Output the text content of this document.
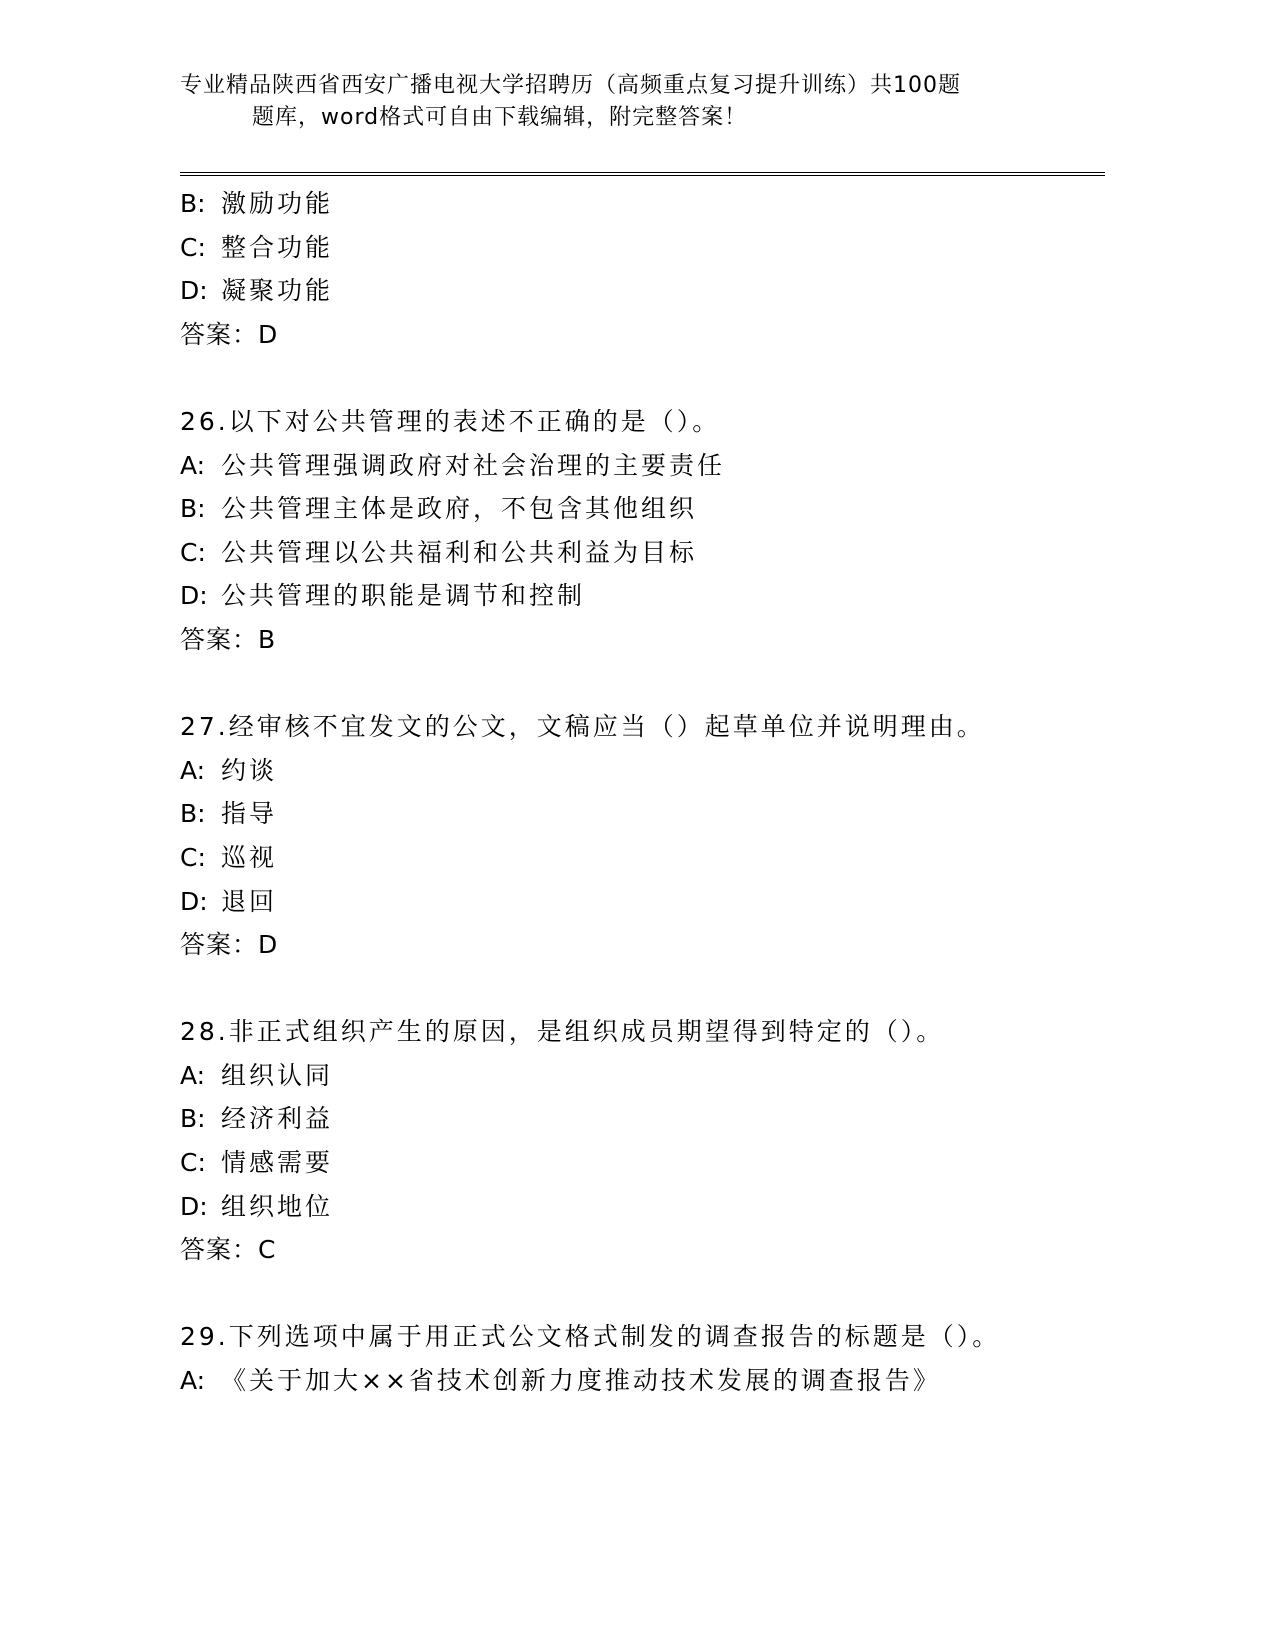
专业精品陕西省西安广播电视大学招聘历（高频重点复习提升训练）共100题
题库，word格式可自由下载编辑，附完整答案！
B: 激励功能
C: 整合功能
D: 凝聚功能
答案：D
26.以下对公共管理的表述不正确的是（）。
A: 公共管理强调政府对社会治理的主要责任
B: 公共管理主体是政府，不包含其他组织
C: 公共管理以公共福利和公共利益为目标
D: 公共管理的职能是调节和控制
答案：B
27.经审核不宜发文的公文，文稿应当（）起草单位并说明理由。
A: 约谈
B: 指导
C: 巡视
D: 退回
答案：D
28.非正式组织产生的原因，是组织成员期望得到特定的（）。
A: 组织认同
B: 经济利益
C: 情感需要
D: 组织地位
答案：C
29.下列选项中属于用正式公文格式制发的调查报告的标题是（）。
A: 《关于加大××省技术创新力度推动技术发展的调查报告》
